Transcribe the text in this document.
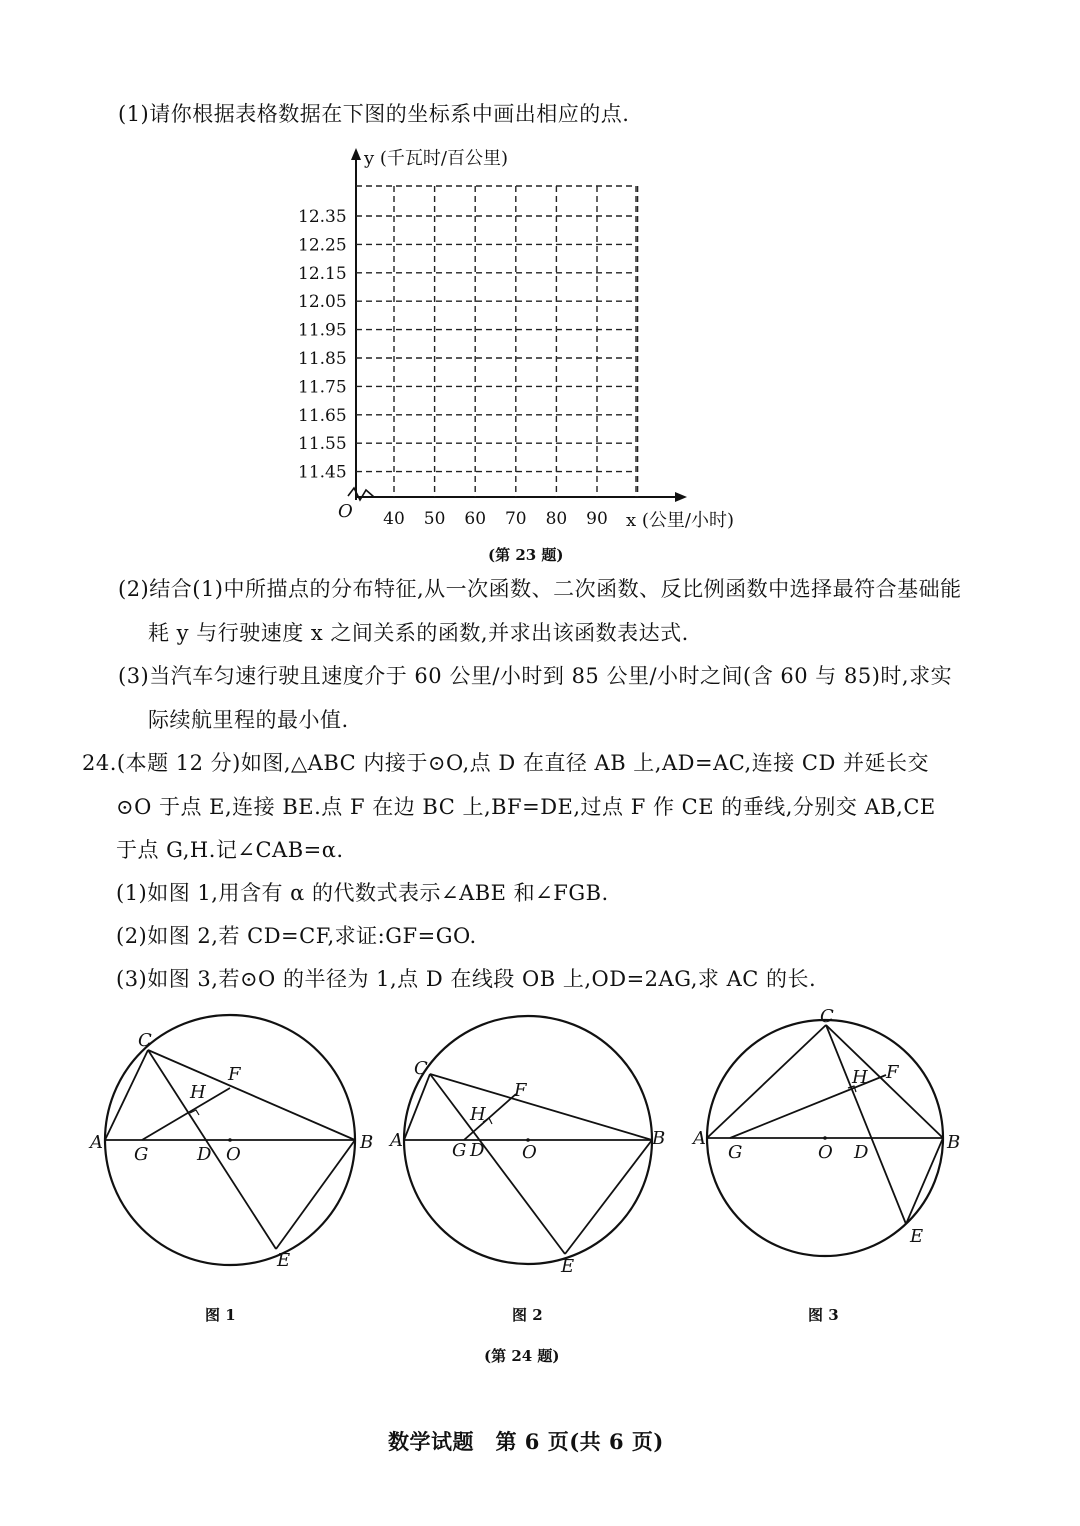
(1)请你根据表格数据在下图的坐标系中画出相应的点.
y (千瓦时/百公里)
x (公里/小时)
O
12.35
12.25
12.15
12.05
11.95
11.85
11.75
11.65
11.55
11.45
40 50 60 70 80 90
(第 23 题)
(2)结合(1)中所描点的分布特征,从一次函数、二次函数、反比例函数中选择最符合基础能
耗 y 与行驶速度 x 之间关系的函数,并求出该函数表达式.
(3)当汽车匀速行驶且速度介于 60 公里/小时到 85 公里/小时之间(含 60 与 85)时,求实
际续航里程的最小值.
24.(本题 12 分)如图,△ABC 内接于⊙O,点 D 在直径 AB 上,AD=AC,连接 CD 并延长交
⊙O 于点 E,连接 BE.点 F 在边 BC 上,BF=DE,过点 F 作 CE 的垂线,分别交 AB,CE
于点 G,H.记∠CAB=α.
(1)如图 1,用含有 α 的代数式表示∠ABE 和∠FGB.
(2)如图 2,若 CD=CF,求证:GF=GO.
(3)如图 3,若⊙O 的半径为 1,点 D 在线段 OB 上,OD=2AG,求 AC 的长.
A	B
C
D
E
F
G
H
O
A	B
C
D
E
F
G
H
O
A	B
C
D
E
F
G
H
O
图 1	图 2	图 3
(第 24 题)
数学试题　第 6 页(共 6 页)
